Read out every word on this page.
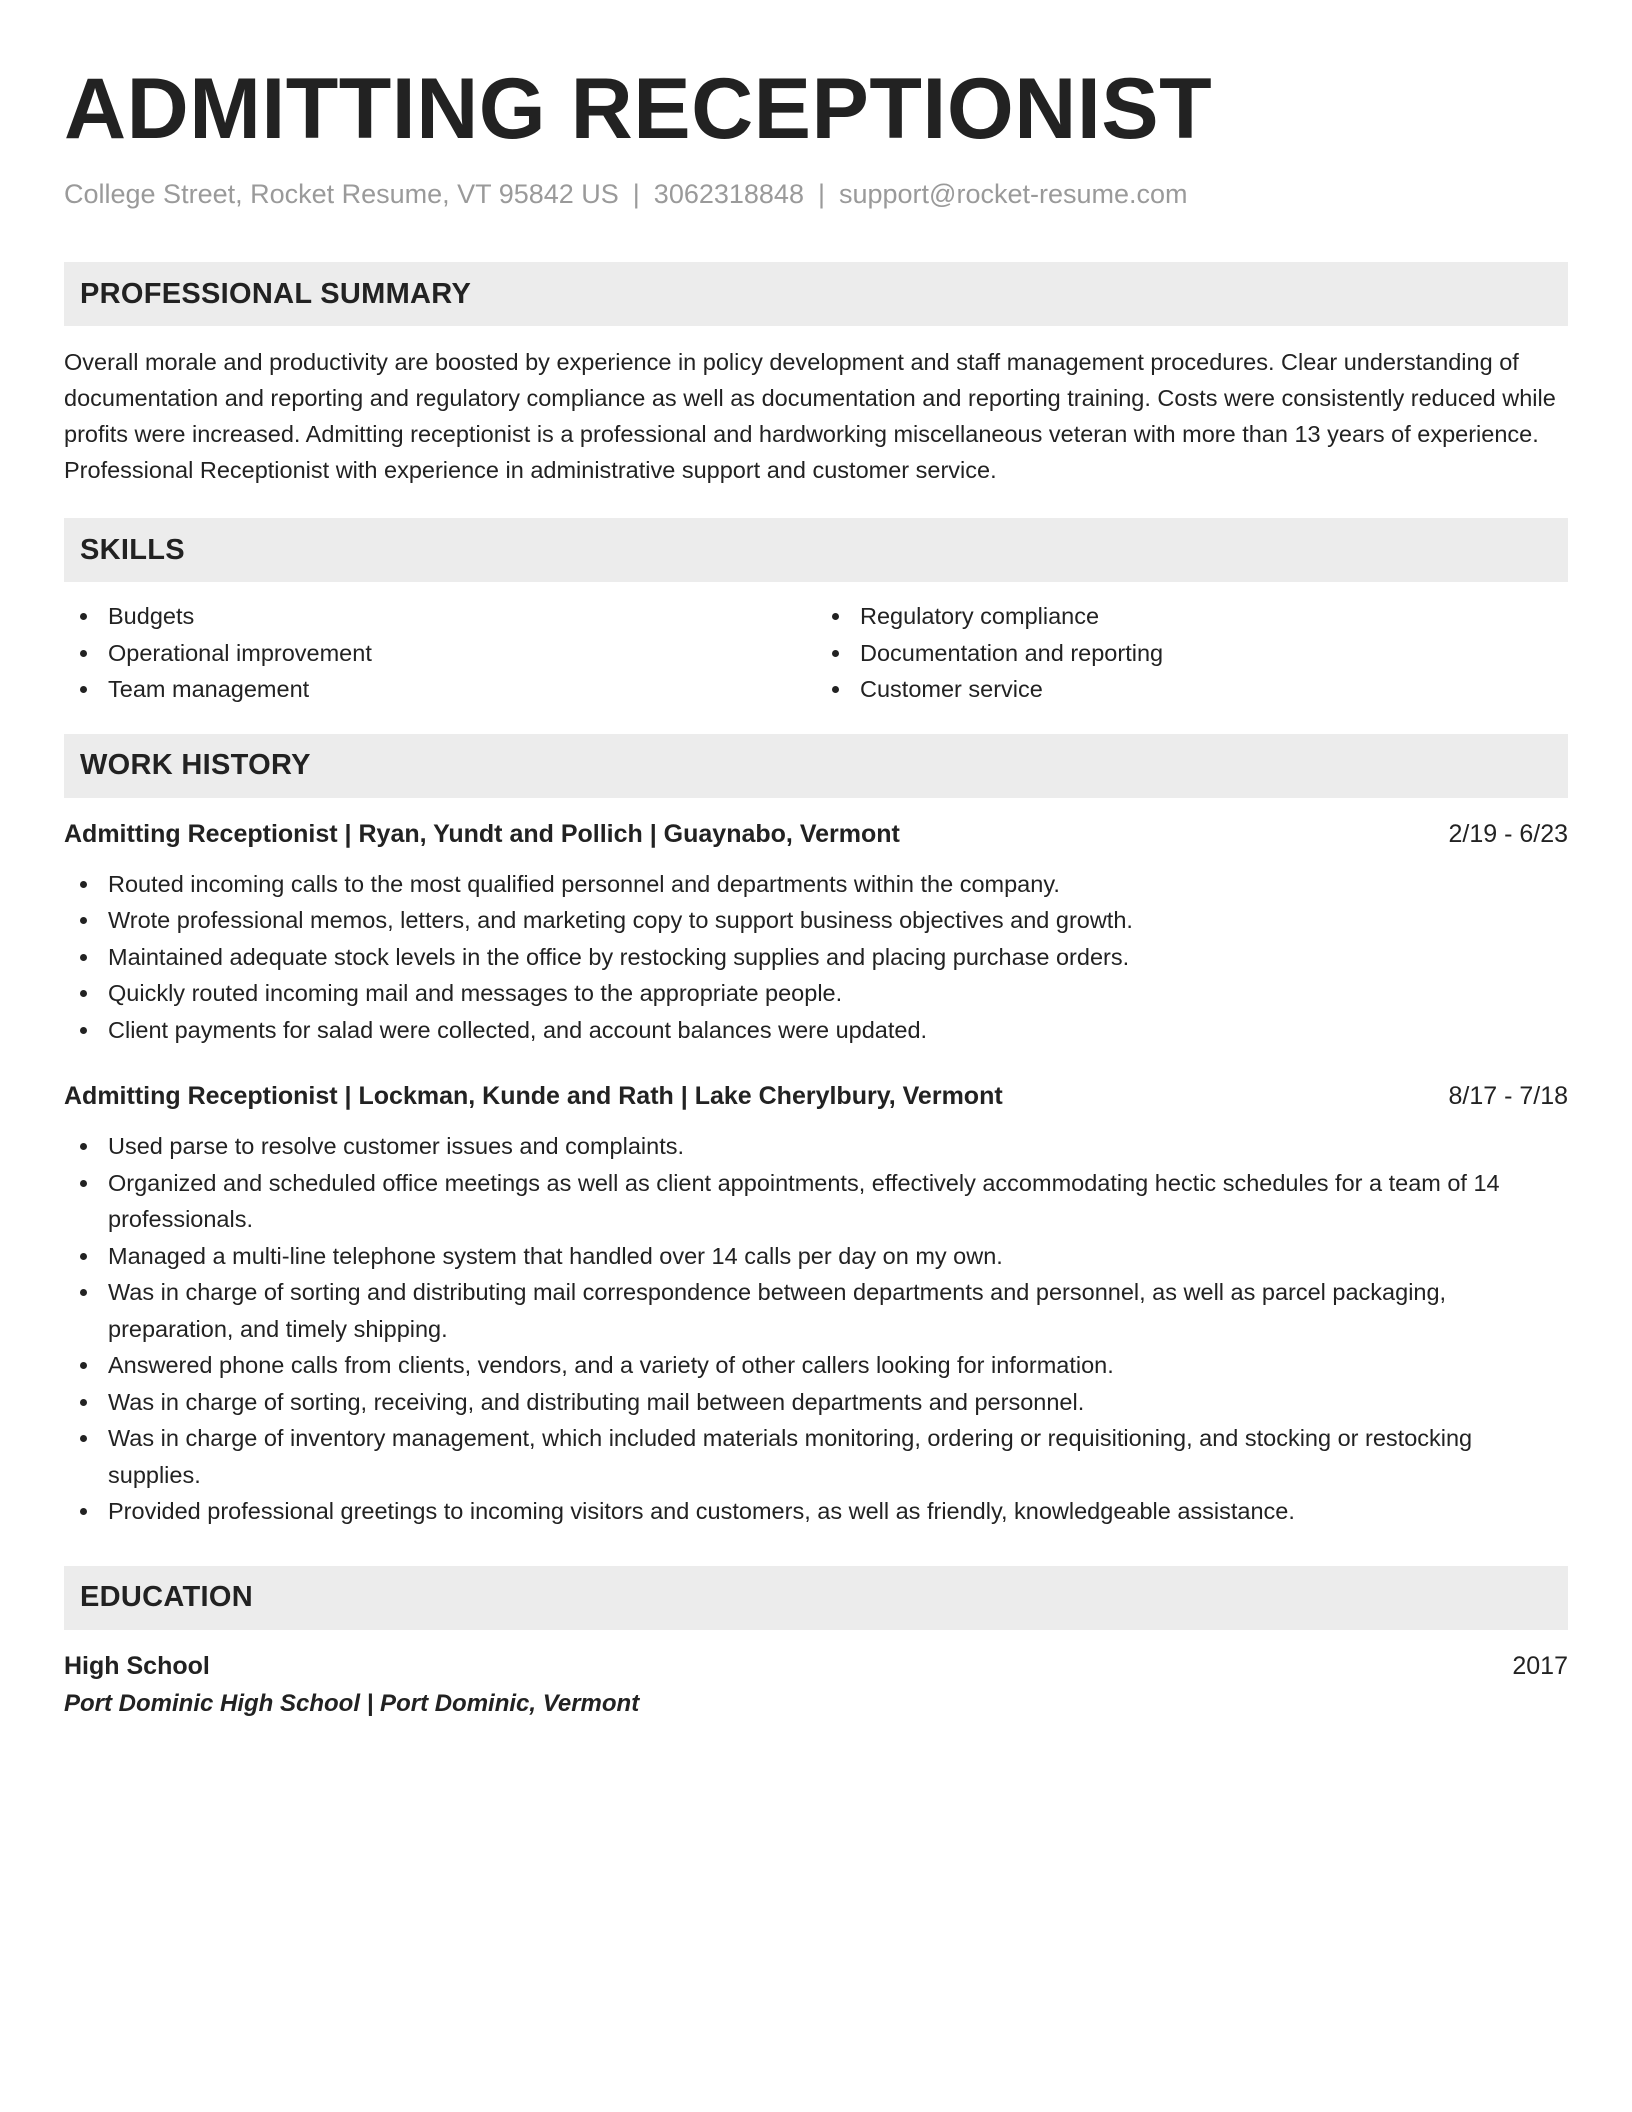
ADMITTING RECEPTIONIST
College Street, Rocket Resume, VT 95842 US | 3062318848 | support@rocket-resume.com
PROFESSIONAL SUMMARY

Overall morale and productivity are boosted by experience in policy development and staff management procedures. Clear understanding of documentation and reporting and regulatory compliance as well as documentation and reporting training. Costs were consistently reduced while profits were increased. Admitting receptionist is a professional and hardworking miscellaneous veteran with more than 13 years of experience. Professional Receptionist with experience in administrative support and customer service.

SKILLS
Budgets
Operational improvement
Team management
Regulatory compliance
Documentation and reporting
Customer service
WORK HISTORY
Admitting Receptionist | Ryan, Yundt and Pollich | Guaynabo, Vermont	2/19 - 6/23
Routed incoming calls to the most qualified personnel and departments within the company.
Wrote professional memos, letters, and marketing copy to support business objectives and growth.
Maintained adequate stock levels in the office by restocking supplies and placing purchase orders.
Quickly routed incoming mail and messages to the appropriate people.
Client payments for salad were collected, and account balances were updated.
Admitting Receptionist | Lockman, Kunde and Rath | Lake Cherylbury, Vermont	8/17 - 7/18
Used parse to resolve customer issues and complaints.
Organized and scheduled office meetings as well as client appointments, effectively accommodating hectic schedules for a team of 14 professionals.
Managed a multi-line telephone system that handled over 14 calls per day on my own.
Was in charge of sorting and distributing mail correspondence between departments and personnel, as well as parcel packaging, preparation, and timely shipping.
Answered phone calls from clients, vendors, and a variety of other callers looking for information.
Was in charge of sorting, receiving, and distributing mail between departments and personnel.
Was in charge of inventory management, which included materials monitoring, ordering or requisitioning, and stocking or restocking supplies.
Provided professional greetings to incoming visitors and customers, as well as friendly, knowledgeable assistance.
EDUCATION
High School	2017
Port Dominic High School | Port Dominic, Vermont
